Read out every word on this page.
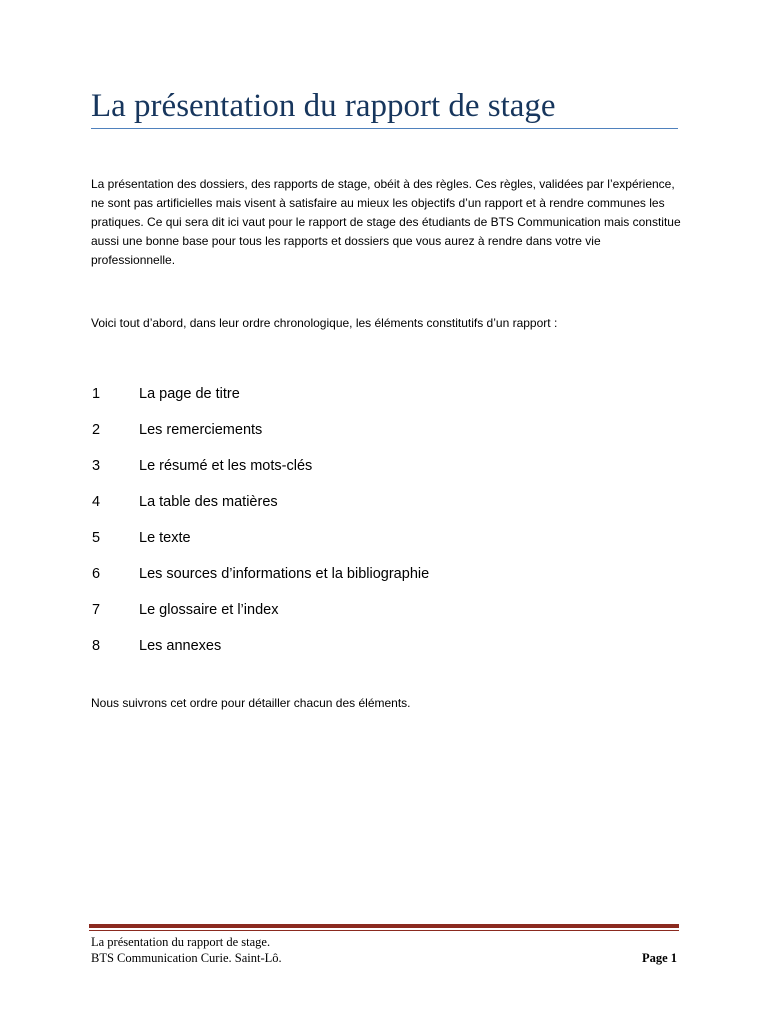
La présentation du rapport de stage

La présentation des dossiers, des rapports de stage, obéit à des règles. Ces règles, validées par l’expérience, ne sont pas artificielles mais visent à satisfaire au mieux les objectifs d’un rapport et à rendre communes les pratiques. Ce qui sera dit ici vaut pour le rapport de stage des étudiants de BTS Communication mais constitue aussi une bonne base pour tous les rapports et dossiers que vous aurez à rendre dans votre vie professionnelle.

Voici tout d’abord, dans leur ordre chronologique, les éléments constitutifs d’un rapport :

1	La page de titre
2	Les remerciements
3	Le résumé et les mots-clés
4	La table des matières
5	Le texte
6	Les sources d’informations et la bibliographie
7	Le glossaire et l’index
8	Les annexes

Nous suivrons cet ordre pour détailler chacun des éléments.

La présentation du rapport de stage.
BTS Communication Curie. Saint-Lô.	Page 1
